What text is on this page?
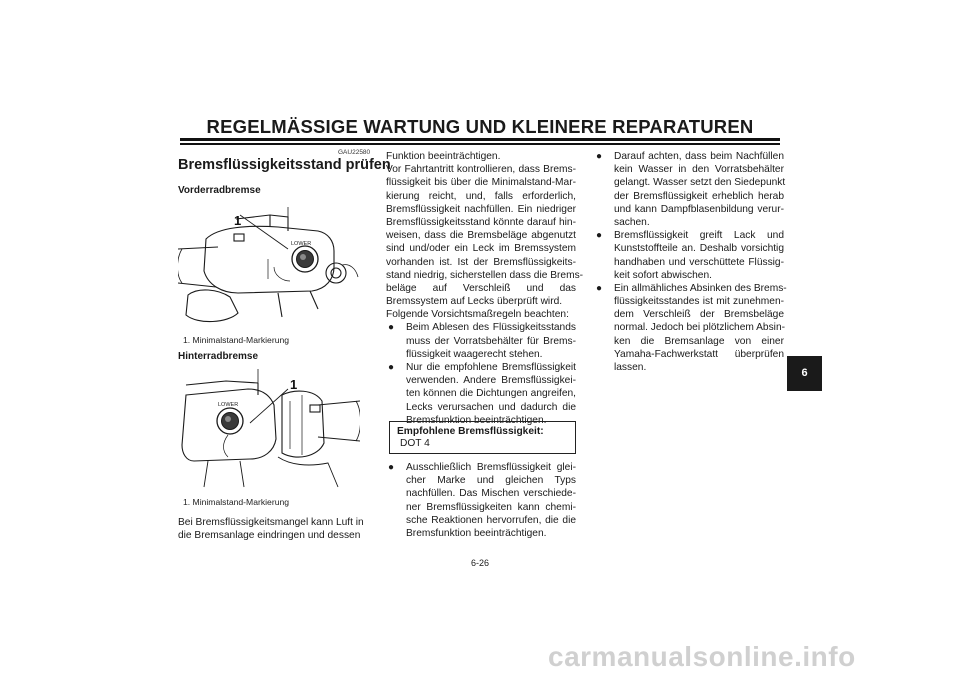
REGELMÄSSIGE WARTUNG UND KLEINERE REPARATUREN
GAU22580
Bremsflüssigkeitsstand prüfen
Vorderradbremse
LOWER
1
1. Minimalstand-Markierung
Hinterradbremse
LOWER
1
1. Minimalstand-Markierung
Bei Bremsflüssigkeitsmangel kann Luft in
die Bremsanlage eindringen und dessen
Funktion beeinträchtigen.
Vor Fahrtantritt kontrollieren, dass Brems-
flüssigkeit bis über die Minimalstand-Mar-
kierung reicht, und, falls erforderlich,
Bremsflüssigkeit nachfüllen. Ein niedriger
Bremsflüssigkeitsstand könnte darauf hin-
weisen, dass die Bremsbeläge abgenutzt
sind und/oder ein Leck im Bremssystem
vorhanden ist. Ist der Bremsflüssigkeits-
stand niedrig, sicherstellen dass die Brems-
beläge auf Verschleiß und das
Bremssystem auf Lecks überprüft wird.
Folgende Vorsichtsmaßregeln beachten:
● Beim Ablesen des Flüssigkeitsstands
muss der Vorratsbehälter für Brems-
flüssigkeit waagerecht stehen.
● Nur die empfohlene Bremsflüssigkeit
verwenden. Andere Bremsflüssigkei-
ten können die Dichtungen angreifen,
Lecks verursachen und dadurch die
Bremsfunktion beeinträchtigen.
Empfohlene Bremsflüssigkeit:
DOT 4
● Ausschließlich Bremsflüssigkeit glei-
cher Marke und gleichen Typs
nachfüllen. Das Mischen verschiede-
ner Bremsflüssigkeiten kann chemi-
sche Reaktionen hervorrufen, die die
Bremsfunktion beeinträchtigen.
● Darauf achten, dass beim Nachfüllen
kein Wasser in den Vorratsbehälter
gelangt. Wasser setzt den Siedepunkt
der Bremsflüssigkeit erheblich herab
und kann Dampfblasenbildung verur-
sachen.
● Bremsflüssigkeit greift Lack und
Kunststoffteile an. Deshalb vorsichtig
handhaben und verschüttete Flüssig-
keit sofort abwischen.
● Ein allmähliches Absinken des Brems-
flüssigkeitsstandes ist mit zunehmen-
dem Verschleiß der Bremsbeläge
normal. Jedoch bei plötzlichem Absin-
ken die Bremsanlage von einer
Yamaha-Fachwerkstatt überprüfen
lassen.	6
6-26
carmanualsonline.info
